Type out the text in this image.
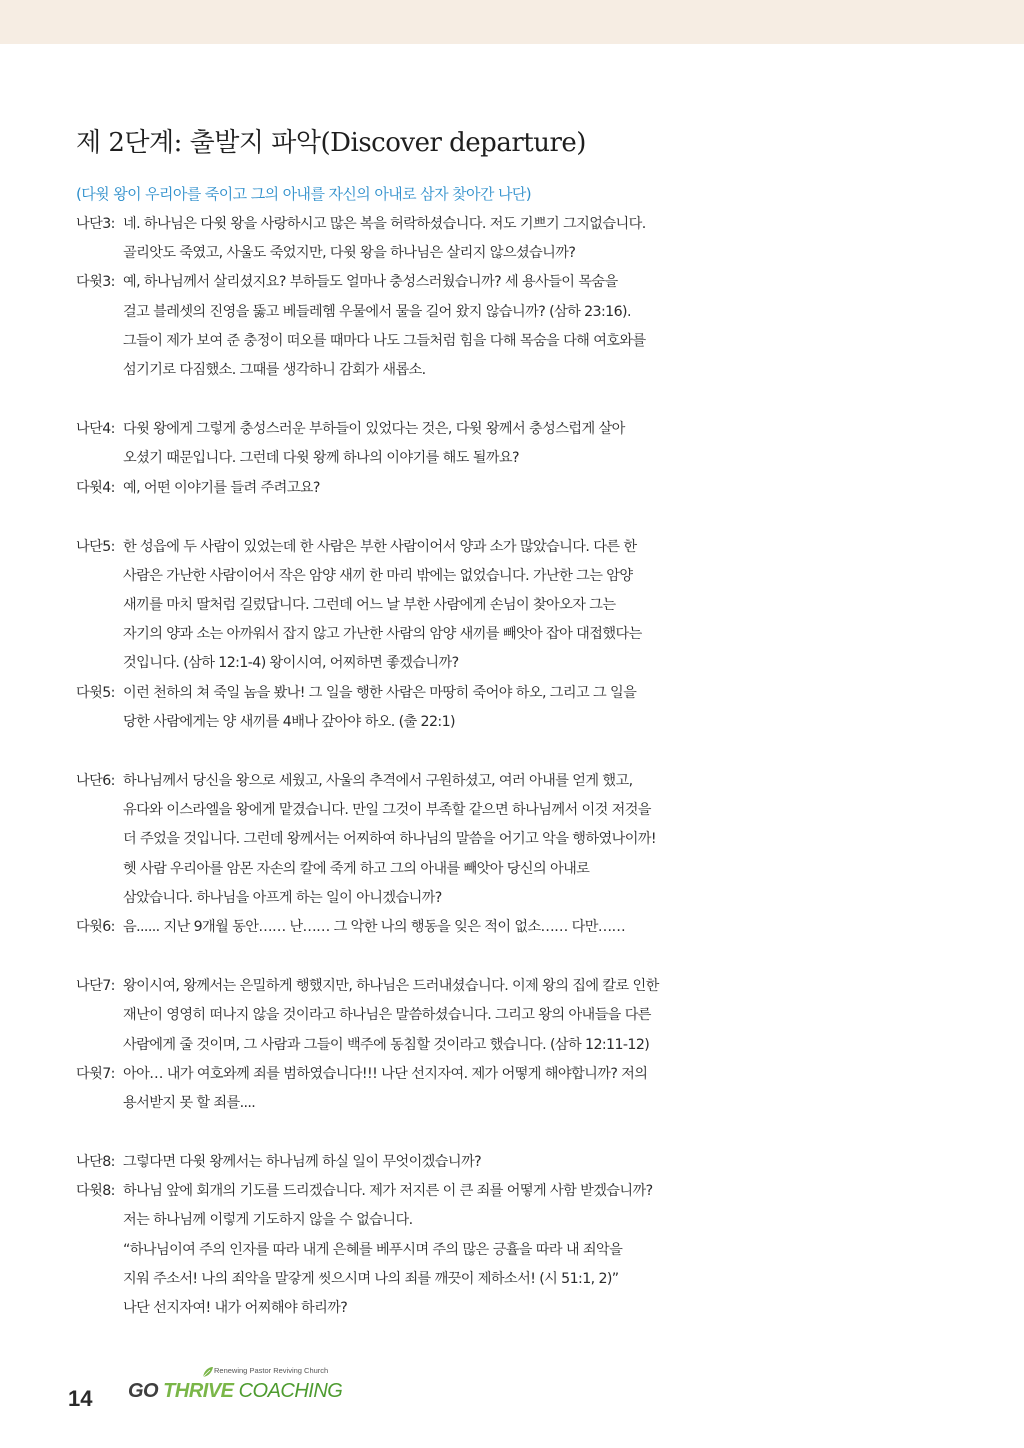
제 2단계: 출발지 파악(Discover departure)

(다윗 왕이 우리아를 죽이고 그의 아내를 자신의 아내로 삼자 찾아간 나단)

나단3: 네. 하나님은 다윗 왕을 사랑하시고 많은 복을 허락하셨습니다. 저도 기쁘기 그지없습니다.
골리앗도 죽였고, 사울도 죽었지만, 다윗 왕을 하나님은 살리지 않으셨습니까?
다윗3: 예, 하나님께서 살리셨지요? 부하들도 얼마나 충성스러웠습니까? 세 용사들이 목숨을
걸고 블레셋의 진영을 뚫고 베들레헴 우물에서 물을 길어 왔지 않습니까? (삼하 23:16).
그들이 제가 보여 준 충정이 떠오를 때마다 나도 그들처럼 힘을 다해 목숨을 다해 여호와를
섬기기로 다짐했소. 그때를 생각하니 감회가 새롭소.
나단4: 다윗 왕에게 그렇게 충성스러운 부하들이 있었다는 것은, 다윗 왕께서 충성스럽게 살아
오셨기 때문입니다. 그런데 다윗 왕께 하나의 이야기를 해도 될까요?
다윗4: 예, 어떤 이야기를 들려 주려고요?
나단5: 한 성읍에 두 사람이 있었는데 한 사람은 부한 사람이어서 양과 소가 많았습니다. 다른 한
사람은 가난한 사람이어서 작은 암양 새끼 한 마리 밖에는 없었습니다. 가난한 그는 암양
새끼를 마치 딸처럼 길렀답니다. 그런데 어느 날 부한 사람에게 손님이 찾아오자 그는
자기의 양과 소는 아까워서 잡지 않고 가난한 사람의 암양 새끼를 빼앗아 잡아 대접했다는
것입니다. (삼하 12:1-4) 왕이시여, 어찌하면 좋겠습니까?
다윗5: 이런 천하의 쳐 죽일 놈을 봤나! 그 일을 행한 사람은 마땅히 죽어야 하오, 그리고 그 일을
당한 사람에게는 양 새끼를 4배나 갚아야 하오. (출 22:1)
나단6: 하나님께서 당신을 왕으로 세웠고, 사울의 추격에서 구원하셨고, 여러 아내를 얻게 했고,
유다와 이스라엘을 왕에게 맡겼습니다. 만일 그것이 부족할 같으면 하나님께서 이것 저것을
더 주었을 것입니다. 그런데 왕께서는 어찌하여 하나님의 말씀을 어기고 악을 행하였나이까!
헷 사람 우리아를 암몬 자손의 칼에 죽게 하고 그의 아내를 빼앗아 당신의 아내로
삼았습니다. 하나님을 아프게 하는 일이 아니겠습니까?
다윗6: 음...... 지난 9개월 동안…… 난…… 그 악한 나의 행동을 잊은 적이 없소…… 다만……
나단7: 왕이시여, 왕께서는 은밀하게 행했지만, 하나님은 드러내셨습니다. 이제 왕의 집에 칼로 인한
재난이 영영히 떠나지 않을 것이라고 하나님은 말씀하셨습니다. 그리고 왕의 아내들을 다른
사람에게 줄 것이며, 그 사람과 그들이 백주에 동침할 것이라고 했습니다. (삼하 12:11-12)
다윗7: 아아… 내가 여호와께 죄를 범하였습니다!!! 나단 선지자여. 제가 어떻게 해야합니까? 저의
용서받지 못 할 죄를....
나단8: 그렇다면 다윗 왕께서는 하나님께 하실 일이 무엇이겠습니까?
다윗8: 하나님 앞에 회개의 기도를 드리겠습니다. 제가 저지른 이 큰 죄를 어떻게 사함 받겠습니까?
저는 하나님께 이렇게 기도하지 않을 수 없습니다.
“하나님이여 주의 인자를 따라 내게 은혜를 베푸시며 주의 많은 긍휼을 따라 내 죄악을
지워 주소서! 나의 죄악을 말갛게 씻으시며 나의 죄를 깨끗이 제하소서! (시 51:1, 2)”
나단 선지자여! 내가 어찌해야 하리까?
14
Renewing Pastor Reviving Church
GO THRIVE COACHING
